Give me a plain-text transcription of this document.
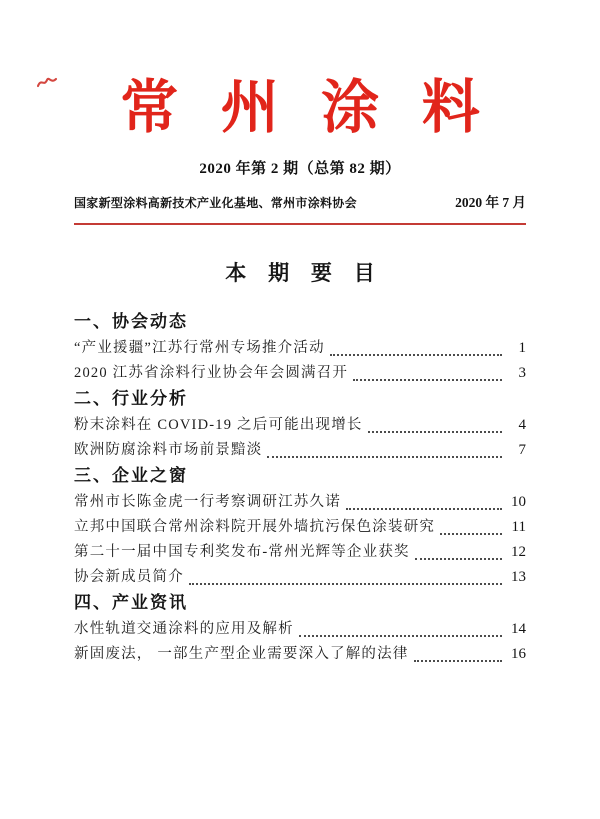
常 州 涂 料
2020 年第 2 期（总第 82 期）
国家新型涂料高新技术产业化基地、常州市涂料协会	2020 年 7 月
本 期 要 目
一、协会动态
“产业援疆”江苏行常州专场推介活动	1
2020 江苏省涂料行业协会年会圆满召开	3
二、行业分析
粉末涂料在 COVID-19 之后可能出现增长	4
欧洲防腐涂料市场前景黯淡	7
三、企业之窗
常州市长陈金虎一行考察调研江苏久诺	10
立邦中国联合常州涂料院开展外墙抗污保色涂装研究	11
第二十一届中国专利奖发布-常州光辉等企业获奖	12
协会新成员简介	13
四、产业资讯
水性轨道交通涂料的应用及解析	14
新固废法， 一部生产型企业需要深入了解的法律	16
